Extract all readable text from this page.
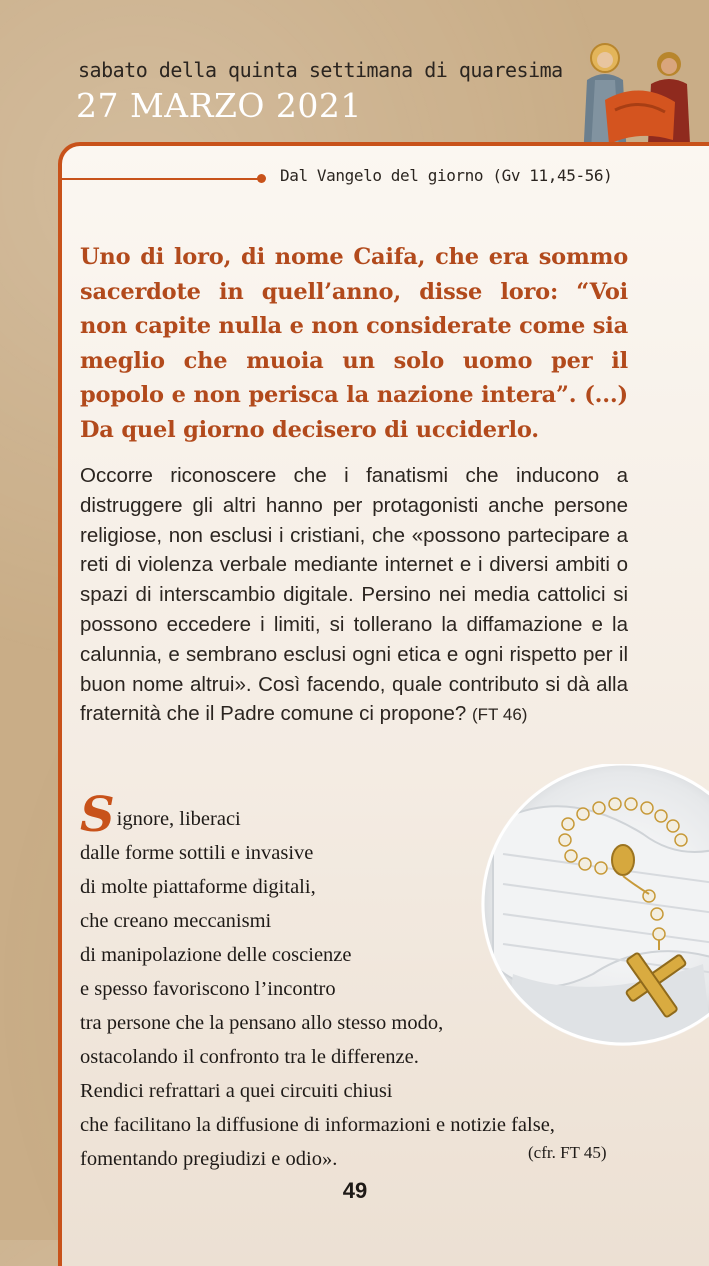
sabato della quinta settimana di quaresima
27 MARZO 2021
Dal Vangelo del giorno (Gv 11,45-56)

Uno di loro, di nome Caifa, che era sommo sacerdote in quell’anno, disse loro: “Voi non capite nulla e non considerate come sia meglio che muoia un solo uomo per il popolo e non perisca la nazione intera”. (...) Da quel giorno decisero di ucciderlo.

Occorre riconoscere che i fanatismi che inducono a distruggere gli altri hanno per protagonisti anche persone religiose, non esclusi i cristiani, che «possono partecipare a reti di violenza verbale mediante internet e i diversi ambiti o spazi di interscambio digitale. Persino nei media cattolici si possono eccedere i limiti, si tollerano la diffamazione e la calunnia, e sembrano esclusi ogni etica e ogni rispetto per il buon nome altrui». Così facendo, quale contributo si dà alla fraternità che il Padre comune ci propone? (FT 46)
Signore, liberaci
dalle forme sottili e invasive
di molte piattaforme digitali,
che creano meccanismi
di manipolazione delle coscienze
e spesso favoriscono l’incontro
tra persone che la pensano allo stesso modo,
ostacolando il confronto tra le differenze.
Rendici refrattari a quei circuiti chiusi
che facilitano la diffusione di informazioni e notizie false,
fomentando pregiudizi e odio».	(cfr. FT 45)
49
